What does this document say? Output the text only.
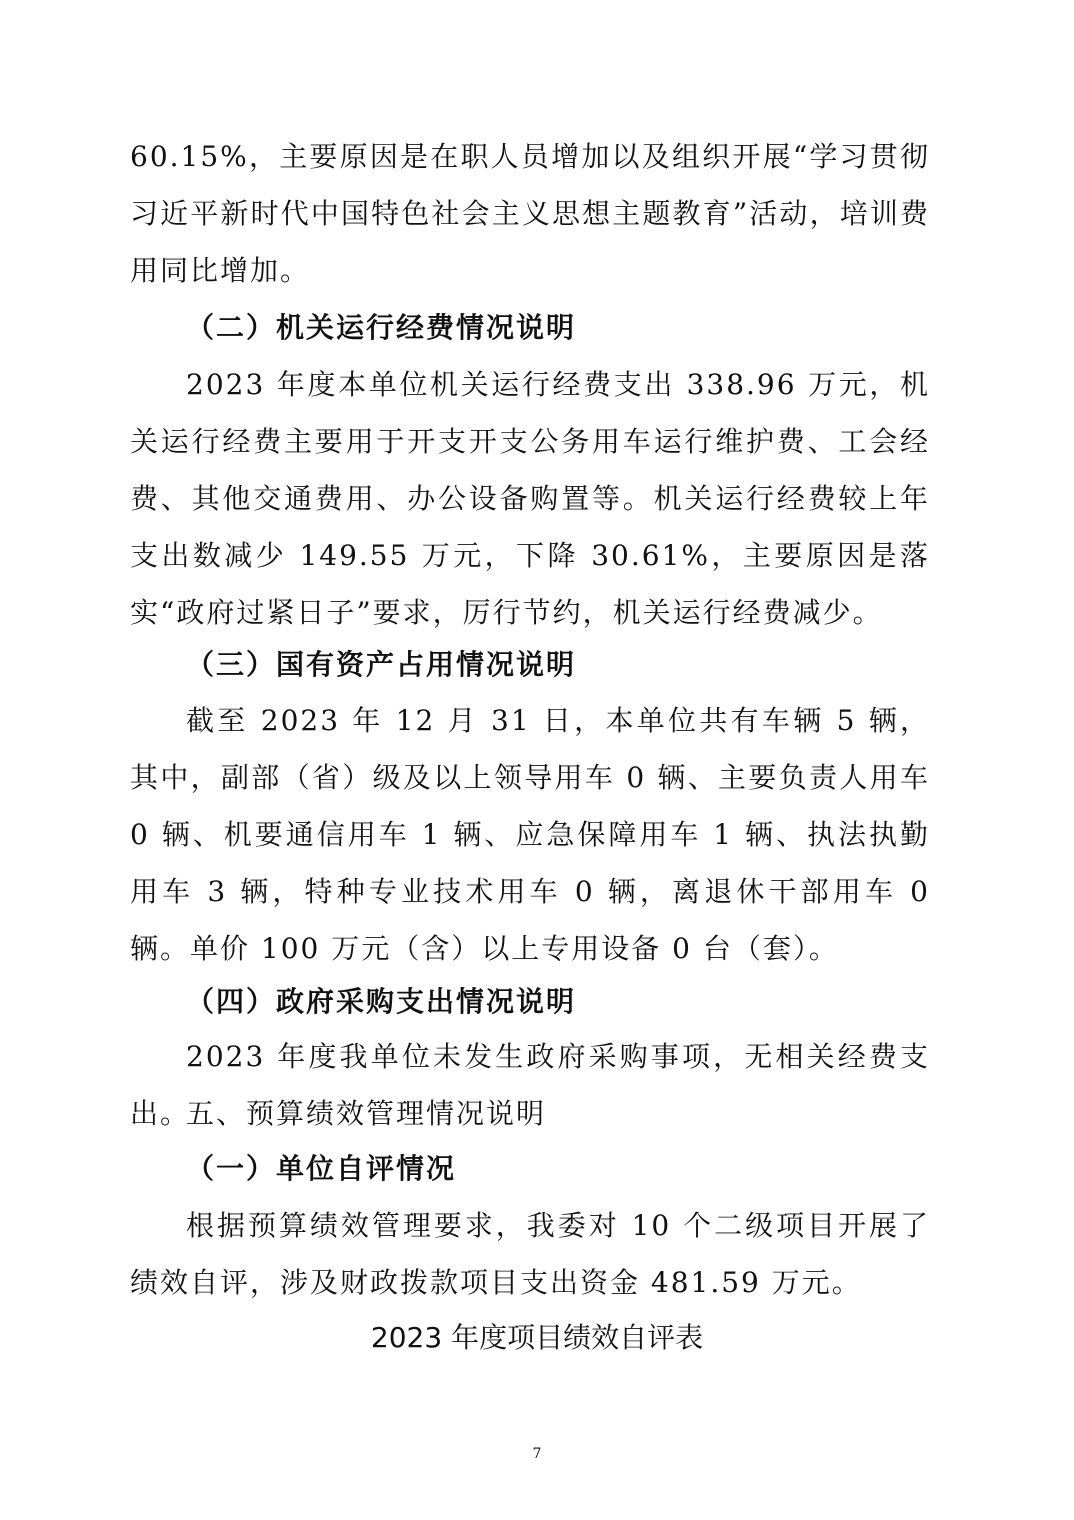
60.15%，主要原因是在职人员增加以及组织开展“学习贯彻习近平新时代中国特色社会主义思想主题教育”活动，培训费用同比增加。

（二）机关运行经费情况说明

2023 年度本单位机关运行经费支出 338.96 万元，机关运行经费主要用于开支开支公务用车运行维护费、工会经费、其他交通费用、办公设备购置等。机关运行经费较上年支出数减少 149.55 万元，下降 30.61%，主要原因是落实“政府过紧日子”要求，厉行节约，机关运行经费减少。

（三）国有资产占用情况说明

截至 2023 年 12 月 31 日，本单位共有车辆 5 辆，其中，副部（省）级及以上领导用车 0 辆、主要负责人用车 0 辆、机要通信用车 1 辆、应急保障用车 1 辆、执法执勤用车 3 辆，特种专业技术用车 0 辆，离退休干部用车 0 辆。单价 100 万元（含）以上专用设备 0 台（套）。

（四）政府采购支出情况说明

2023 年度我单位未发生政府采购事项，无相关经费支出。

五、预算绩效管理情况说明

（一）单位自评情况

根据预算绩效管理要求，我委对 10 个二级项目开展了绩效自评，涉及财政拨款项目支出资金 481.59 万元。

2023 年度项目绩效自评表

7
